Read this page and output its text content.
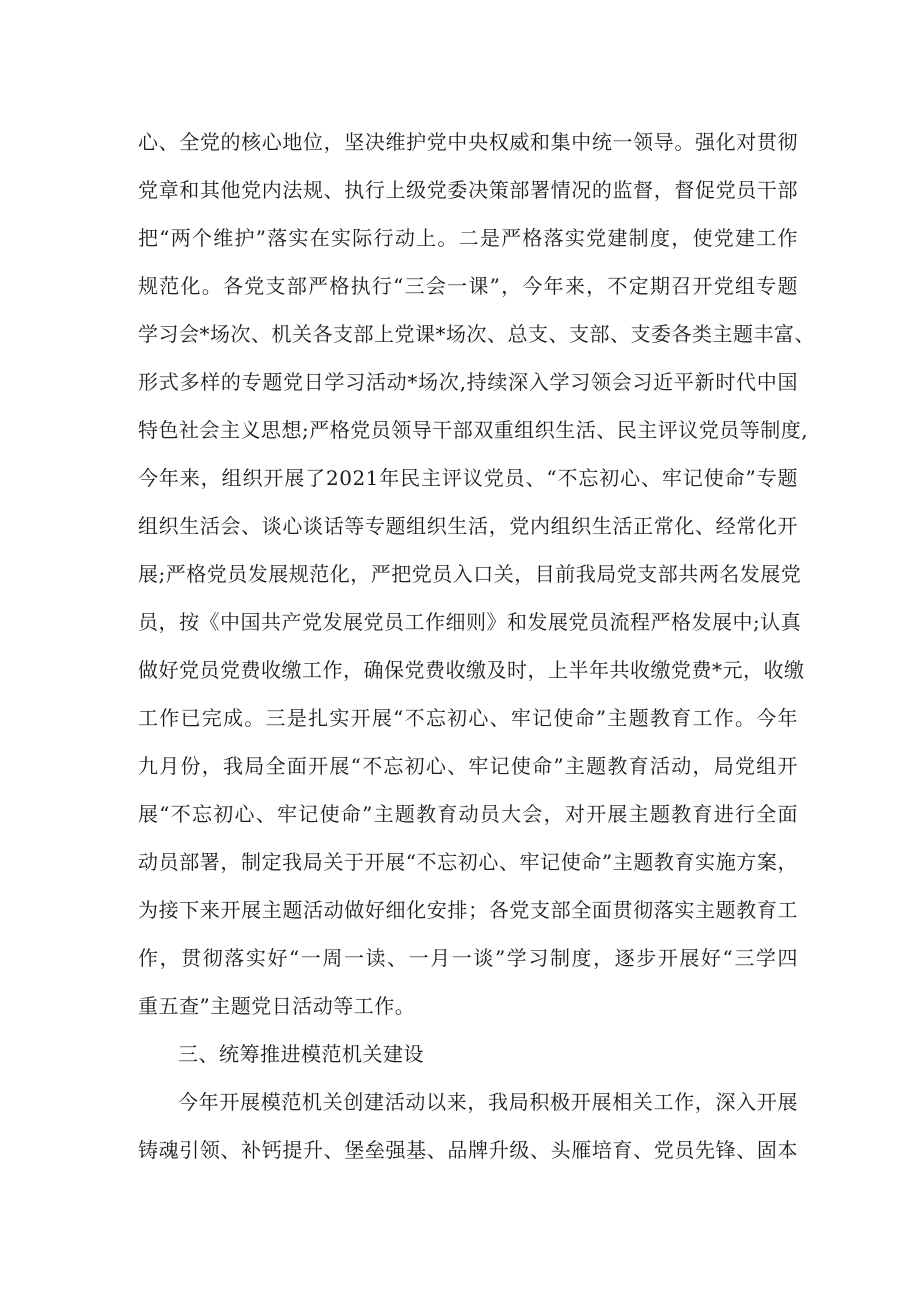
心、全党的核心地位，坚决维护党中央权威和集中统一领导。强化对贯彻
党章和其他党内法规、执行上级党委决策部署情况的监督，督促党员干部
把“两个维护”落实在实际行动上。二是严格落实党建制度，使党建工作
规范化。各党支部严格执行“三会一课”，今年来，不定期召开党组专题
学习会*场次、机关各支部上党课*场次、总支、支部、支委各类主题丰富、
形式多样的专题党日学习活动*场次,持续深入学习领会习近平新时代中国
特色社会主义思想;严格党员领导干部双重组织生活、民主评议党员等制度,
今年来，组织开展了2021年民主评议党员、“不忘初心、牢记使命”专题
组织生活会、谈心谈话等专题组织生活，党内组织生活正常化、经常化开
展;严格党员发展规范化，严把党员入口关，目前我局党支部共两名发展党
员，按《中国共产党发展党员工作细则》和发展党员流程严格发展中;认真
做好党员党费收缴工作，确保党费收缴及时，上半年共收缴党费*元，收缴
工作已完成。三是扎实开展“不忘初心、牢记使命”主题教育工作。今年
九月份，我局全面开展“不忘初心、牢记使命”主题教育活动，局党组开
展“不忘初心、牢记使命”主题教育动员大会，对开展主题教育进行全面
动员部署，制定我局关于开展“不忘初心、牢记使命”主题教育实施方案，
为接下来开展主题活动做好细化安排；各党支部全面贯彻落实主题教育工
作，贯彻落实好“一周一读、一月一谈”学习制度，逐步开展好“三学四
重五查”主题党日活动等工作。
三、统筹推进模范机关建设
今年开展模范机关创建活动以来，我局积极开展相关工作，深入开展
铸魂引领、补钙提升、堡垒强基、品牌升级、头雁培育、党员先锋、固本
